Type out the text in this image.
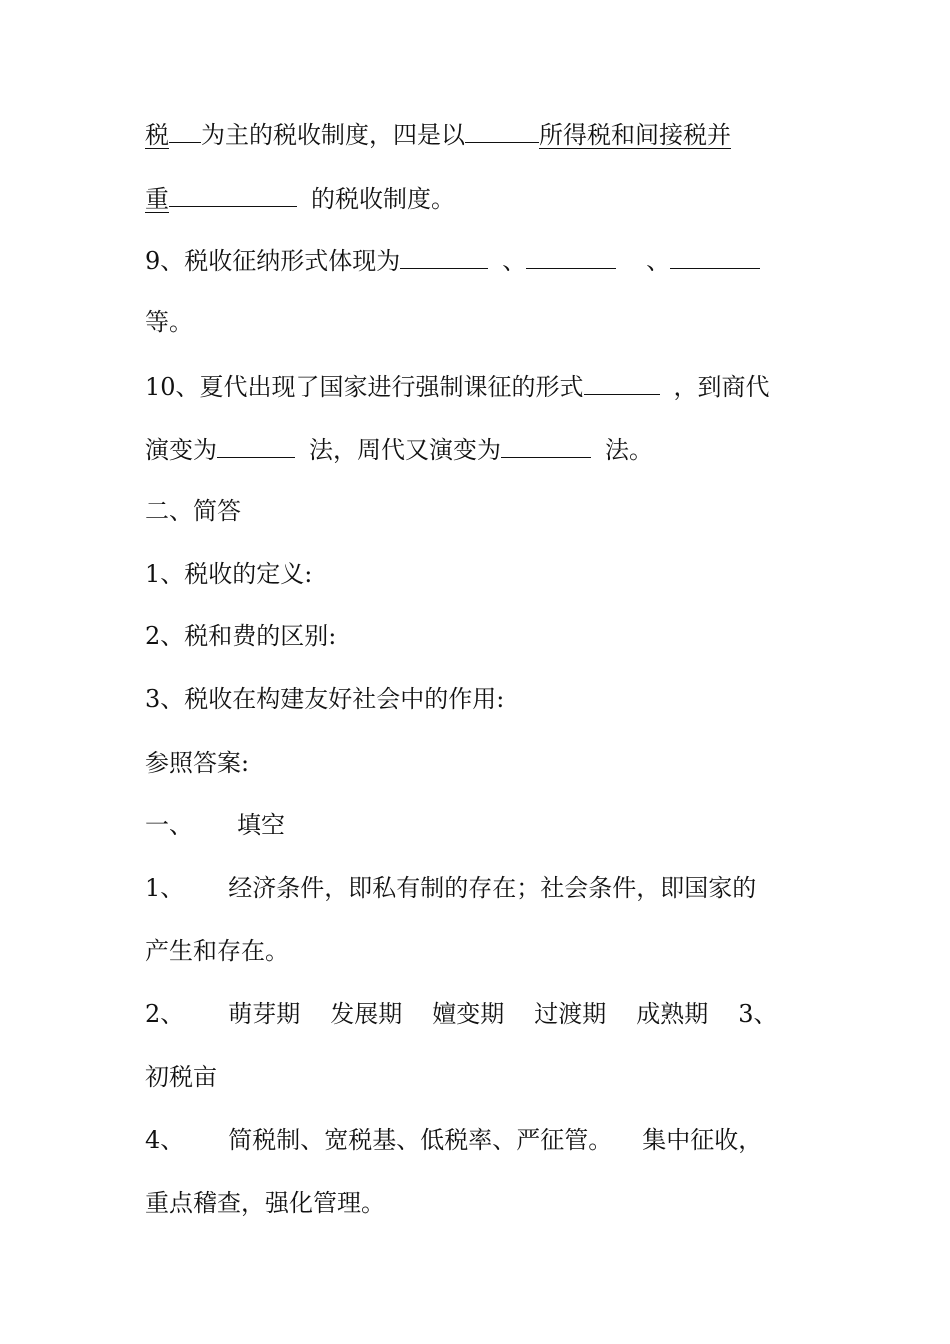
税 为主的税收制度，四是以	所得税和间接税并
重	的税收制度。
9、税收征纳形式体现为	、	、
等。
10、夏代出现了国家进行强制课征的形式	，到商代
演变为	法，周代又演变为	法。
二、简答
1、税收的定义:
2、税和费的区别:
3、税收在构建友好社会中的作用:
参照答案:
一、 填空
1、 经济条件，即私有制的存在；社会条件，即国家的
产生和存在。
2、 萌芽期 发展期 嬗变期 过渡期 成熟期 3、
初税亩
4、 简税制、宽税基、低税率、严征管。 集中征收，
重点稽查，强化管理。
